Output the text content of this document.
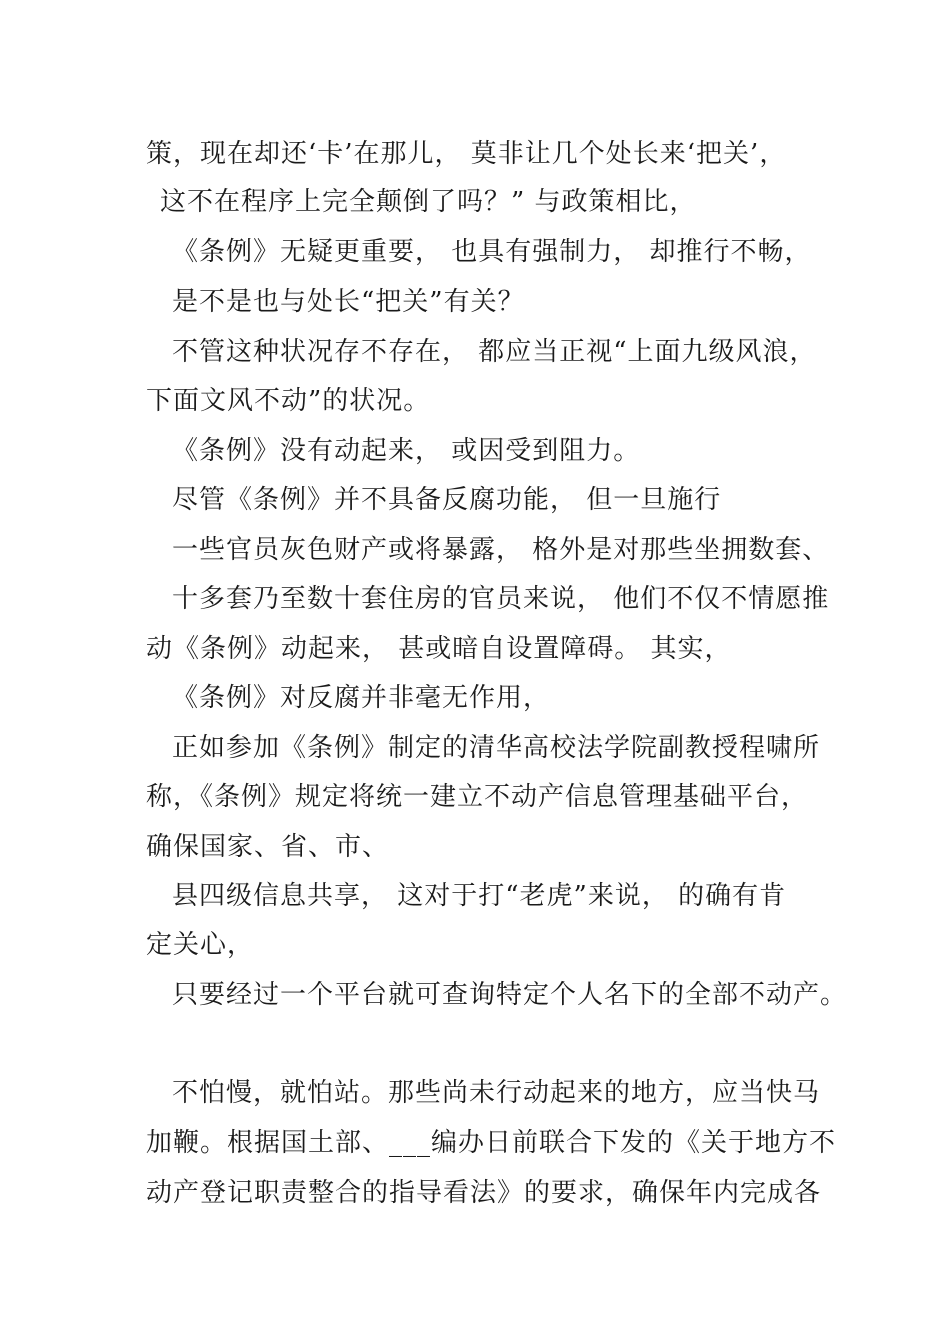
策，现在却还‘卡’在那儿， 莫非让几个处长来‘把关’，
这不在程序上完全颠倒了吗？” 与政策相比，
《条例》无疑更重要， 也具有强制力， 却推行不畅，
是不是也与处长“把关”有关？
不管这种状况存不存在， 都应当正视“上面九级风浪，
下面文风不动”的状况。
《条例》没有动起来， 或因受到阻力。
尽管《条例》并不具备反腐功能， 但一旦施行
一些官员灰色财产或将暴露， 格外是对那些坐拥数套、
十多套乃至数十套住房的官员来说， 他们不仅不情愿推
动《条例》动起来， 甚或暗自设置障碍。 其实，
《条例》对反腐并非毫无作用，
正如参加《条例》制定的清华高校法学院副教授程啸所
称，《条例》规定将统一建立不动产信息管理基础平台，
确保国家、省、市、
县四级信息共享， 这对于打“老虎”来说， 的确有肯
定关心，
只要经过一个平台就可查询特定个人名下的全部不动产。
不怕慢，就怕站。那些尚未行动起来的地方，应当快马
加鞭。根据国土部、___编办日前联合下发的《关于地方不
动产登记职责整合的指导看法》的要求，确保年内完成各
